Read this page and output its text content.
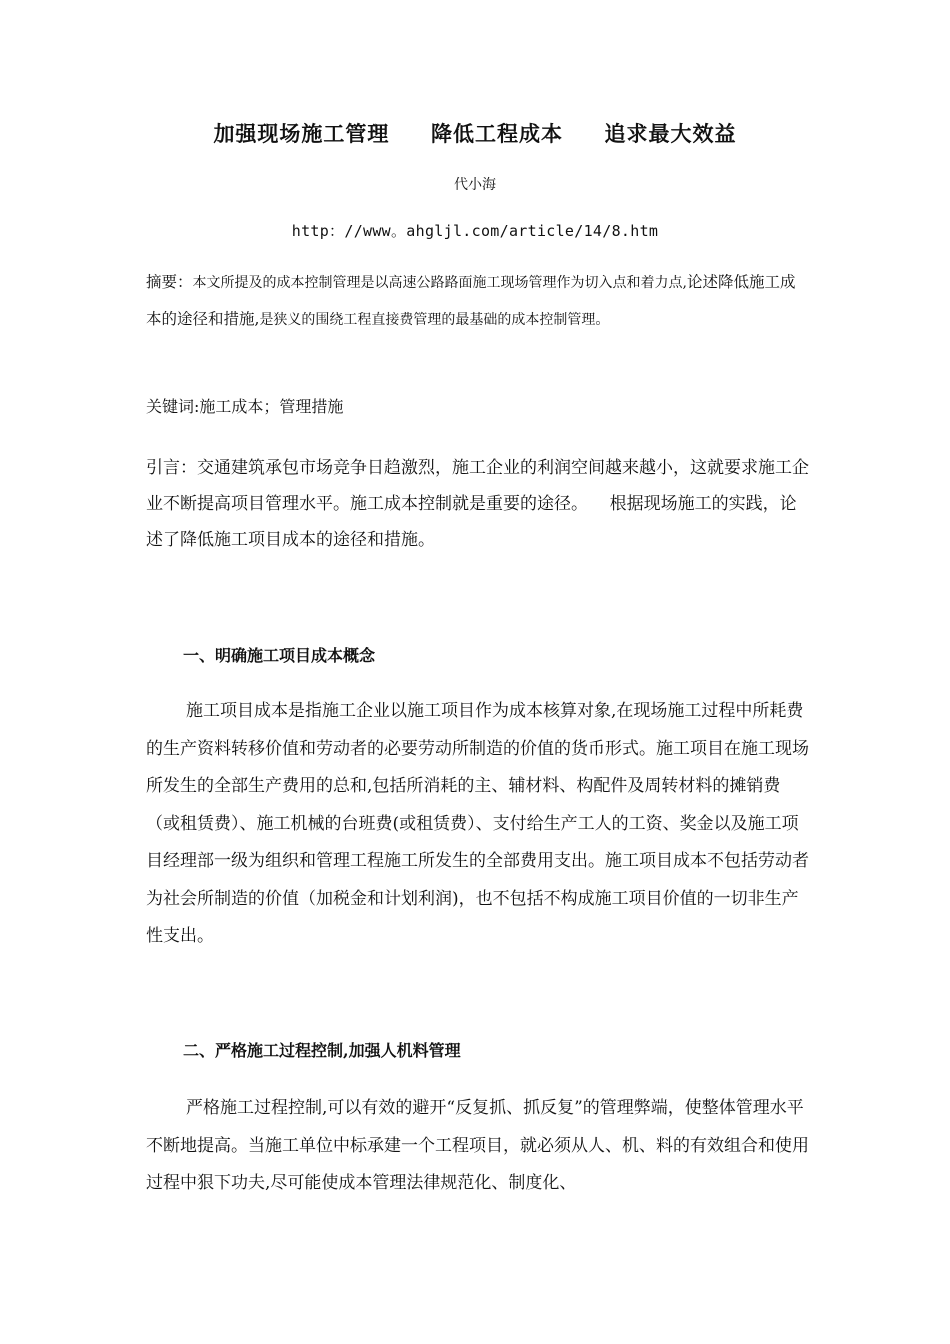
加强现场施工管理     降低工程成本     追求最大效益
代小海
http：//www。ahgljl.com/article/14/8.htm

摘要：本文所提及的成本控制管理是以高速公路路面施工现场管理作为切入点和着力点,论述降低施工成本的途径和措施,是狭义的围绕工程直接费管理的最基础的成本控制管理。

关键词:施工成本；管理措施

引言：交通建筑承包市场竞争日趋激烈，施工企业的利润空间越来越小，这就要求施工企业不断提高项目管理水平。施工成本控制就是重要的途径。    根据现场施工的实践，论述了降低施工项目成本的途径和措施。

一、明确施工项目成本概念

施工项目成本是指施工企业以施工项目作为成本核算对象,在现场施工过程中所耗费的生产资料转移价值和劳动者的必要劳动所制造的价值的货币形式。施工项目在施工现场所发生的全部生产费用的总和,包括所消耗的主、辅材料、构配件及周转材料的摊销费（或租赁费）、施工机械的台班费(或租赁费）、支付给生产工人的工资、奖金以及施工项目经理部一级为组织和管理工程施工所发生的全部费用支出。施工项目成本不包括劳动者为社会所制造的价值（加税金和计划利润)，也不包括不构成施工项目价值的一切非生产性支出。

二、严格施工过程控制,加强人机料管理

严格施工过程控制,可以有效的避开“反复抓、抓反复”的管理弊端，使整体管理水平不断地提高。当施工单位中标承建一个工程项目，就必须从人、机、料的有效组合和使用过程中狠下功夫,尽可能使成本管理法律规范化、制度化、
